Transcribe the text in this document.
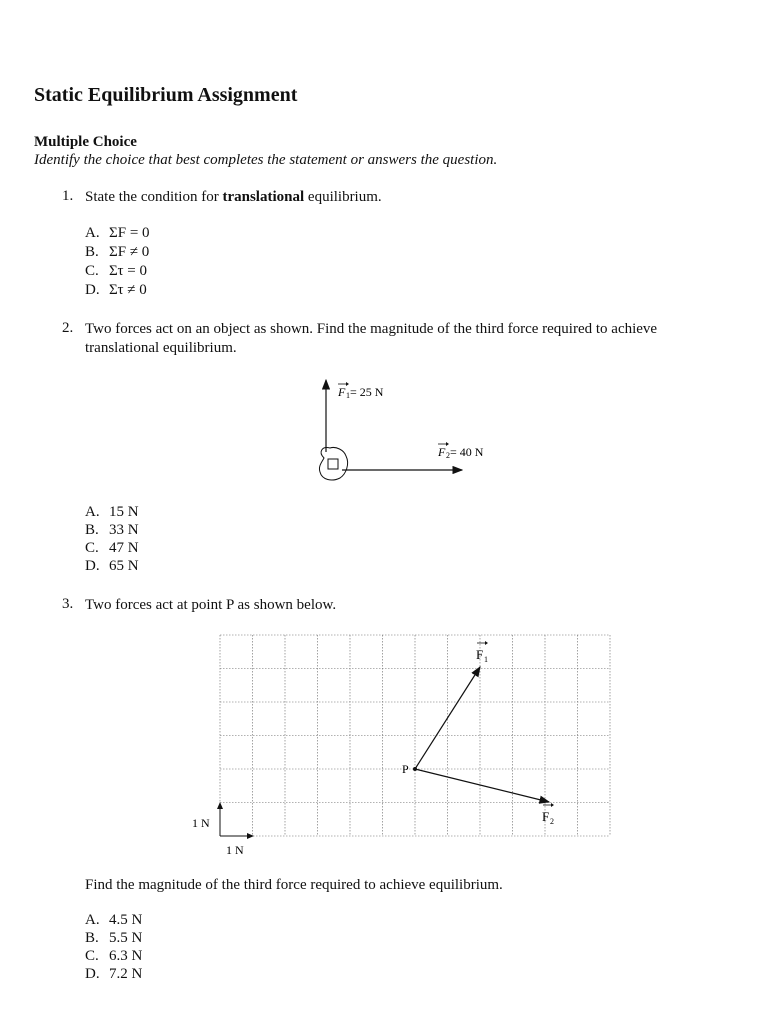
Static Equilibrium Assignment
Multiple Choice
Identify the choice that best completes the statement or answers the question.
1. State the condition for translational equilibrium.
A. ΣF = 0
B. ΣF ≠ 0
C. Στ = 0
D. Στ ≠ 0
2. Two forces act on an object as shown. Find the magnitude of the third force required to achieve translational equilibrium.
F 1 = 25 N
F 2 = 40 N
A. 15 N
B. 33 N
C. 47 N
D. 65 N
3. Two forces act at point P as shown below.
P
F 1
F 2
1 N
1 N
Find the magnitude of the third force required to achieve equilibrium.
A. 4.5 N
B. 5.5 N
C. 6.3 N
D. 7.2 N
